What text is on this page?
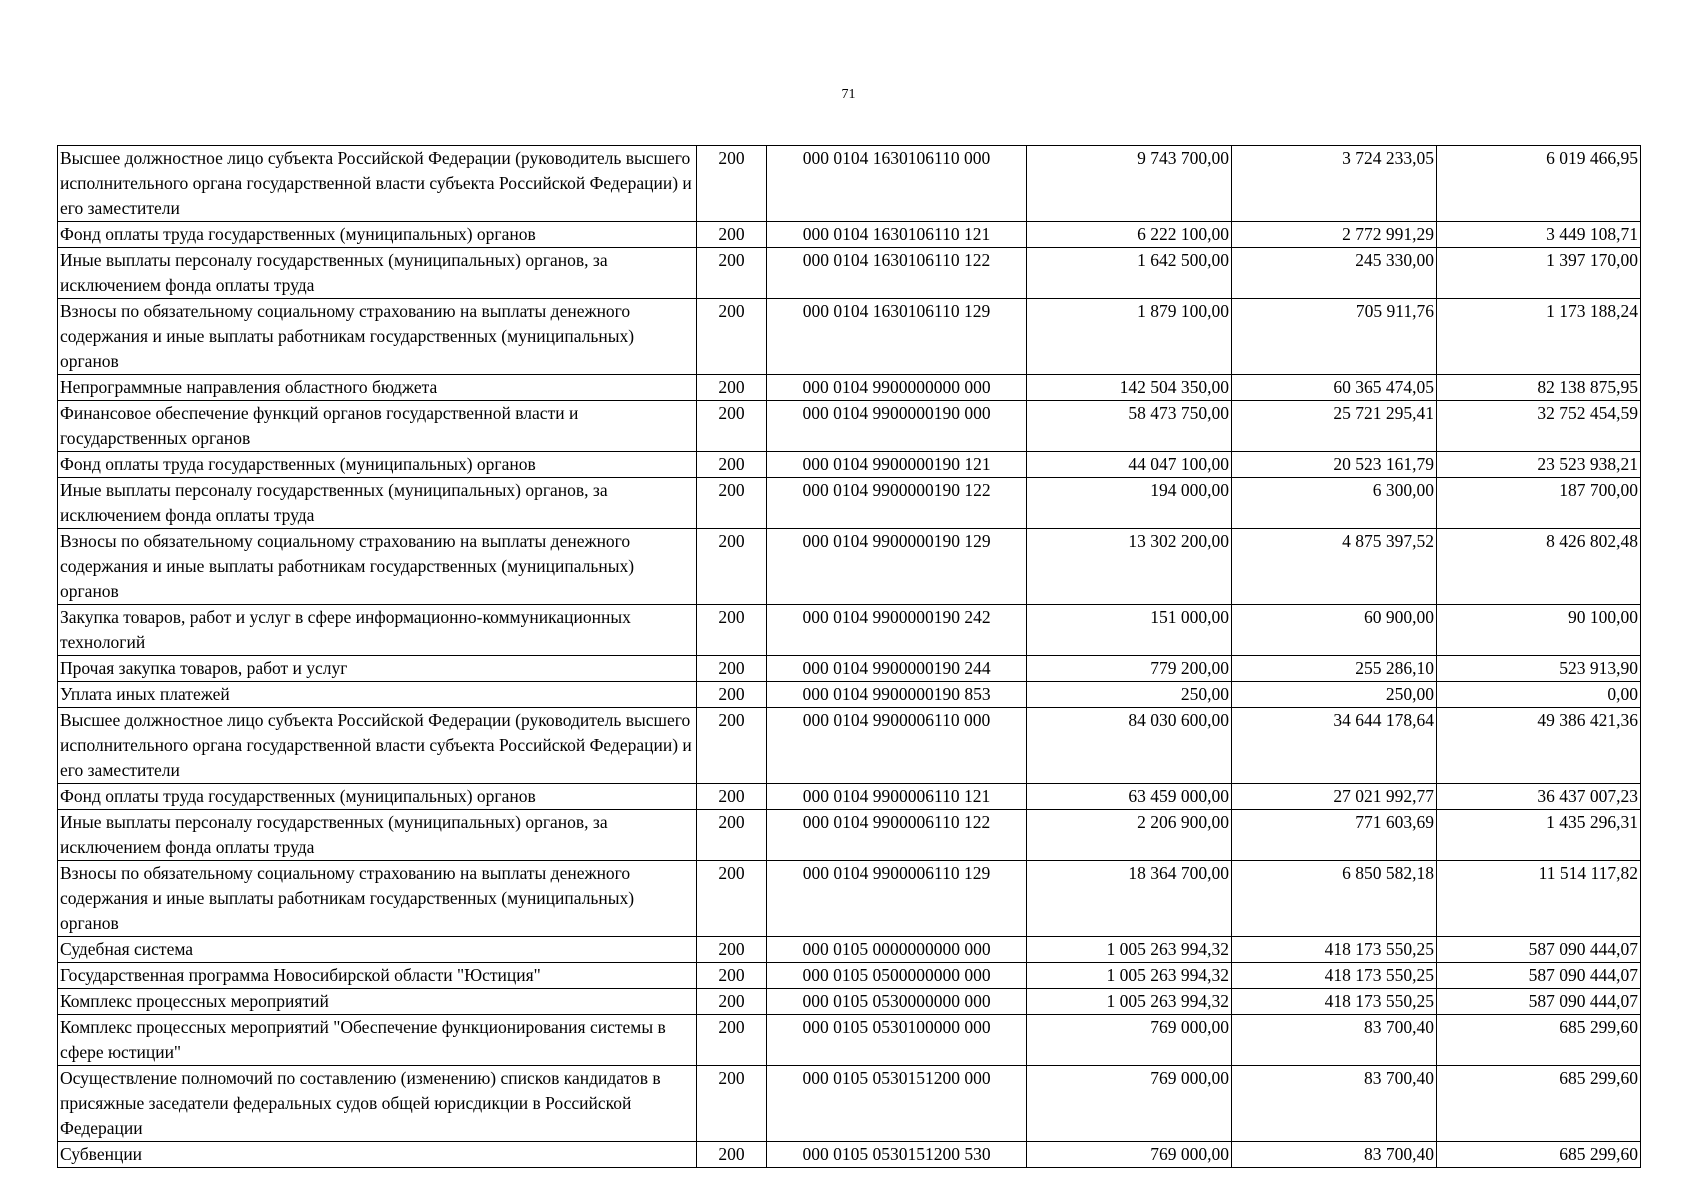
71
Высшее должностное лицо субъекта Российской Федерации (руководитель высшего исполнительного органа государственной власти субъекта Российской Федерации) и его заместители	200	000 0104 1630106110 000	9 743 700,00	3 724 233,05	6 019 466,95
Фонд оплаты труда государственных (муниципальных) органов	200	000 0104 1630106110 121	6 222 100,00	2 772 991,29	3 449 108,71
Иные выплаты персоналу государственных (муниципальных) органов, за исключением фонда оплаты труда	200	000 0104 1630106110 122	1 642 500,00	245 330,00	1 397 170,00
Взносы по обязательному социальному страхованию на выплаты денежного содержания и иные выплаты работникам государственных (муниципальных) органов	200	000 0104 1630106110 129	1 879 100,00	705 911,76	1 173 188,24
Непрограммные направления областного бюджета	200	000 0104 9900000000 000	142 504 350,00	60 365 474,05	82 138 875,95
Финансовое обеспечение функций органов государственной власти и государственных органов	200	000 0104 9900000190 000	58 473 750,00	25 721 295,41	32 752 454,59
Фонд оплаты труда государственных (муниципальных) органов	200	000 0104 9900000190 121	44 047 100,00	20 523 161,79	23 523 938,21
Иные выплаты персоналу государственных (муниципальных) органов, за исключением фонда оплаты труда	200	000 0104 9900000190 122	194 000,00	6 300,00	187 700,00
Взносы по обязательному социальному страхованию на выплаты денежного содержания и иные выплаты работникам государственных (муниципальных) органов	200	000 0104 9900000190 129	13 302 200,00	4 875 397,52	8 426 802,48
Закупка товаров, работ и услуг в сфере информационно-коммуникационных технологий	200	000 0104 9900000190 242	151 000,00	60 900,00	90 100,00
Прочая закупка товаров, работ и услуг	200	000 0104 9900000190 244	779 200,00	255 286,10	523 913,90
Уплата иных платежей	200	000 0104 9900000190 853	250,00	250,00	0,00
Высшее должностное лицо субъекта Российской Федерации (руководитель высшего исполнительного органа государственной власти субъекта Российской Федерации) и его заместители	200	000 0104 9900006110 000	84 030 600,00	34 644 178,64	49 386 421,36
Фонд оплаты труда государственных (муниципальных) органов	200	000 0104 9900006110 121	63 459 000,00	27 021 992,77	36 437 007,23
Иные выплаты персоналу государственных (муниципальных) органов, за исключением фонда оплаты труда	200	000 0104 9900006110 122	2 206 900,00	771 603,69	1 435 296,31
Взносы по обязательному социальному страхованию на выплаты денежного содержания и иные выплаты работникам государственных (муниципальных) органов	200	000 0104 9900006110 129	18 364 700,00	6 850 582,18	11 514 117,82
Судебная система	200	000 0105 0000000000 000	1 005 263 994,32	418 173 550,25	587 090 444,07
Государственная программа Новосибирской области "Юстиция"	200	000 0105 0500000000 000	1 005 263 994,32	418 173 550,25	587 090 444,07
Комплекс процессных мероприятий	200	000 0105 0530000000 000	1 005 263 994,32	418 173 550,25	587 090 444,07
Комплекс процессных мероприятий "Обеспечение функционирования системы в сфере юстиции"	200	000 0105 0530100000 000	769 000,00	83 700,40	685 299,60
Осуществление полномочий по составлению (изменению) списков кандидатов в присяжные заседатели федеральных судов общей юрисдикции в Российской Федерации	200	000 0105 0530151200 000	769 000,00	83 700,40	685 299,60
Субвенции	200	000 0105 0530151200 530	769 000,00	83 700,40	685 299,60
